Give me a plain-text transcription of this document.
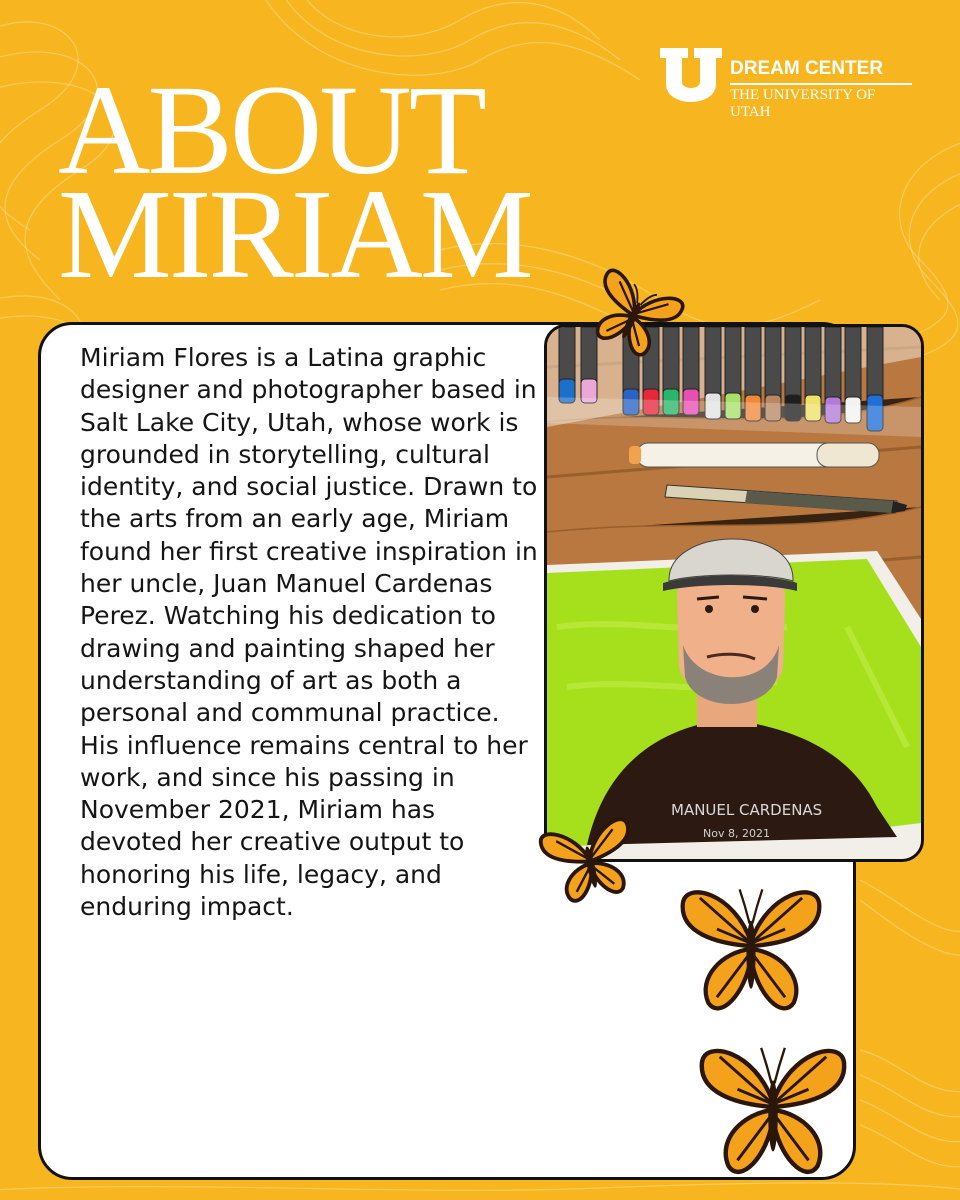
ABOUT
MIRIAM
DREAM CENTER
THE UNIVERSITY OF UTAH

Miriam Flores is a Latina graphic designer and photographer based in Salt Lake City, Utah, whose work is grounded in storytelling, cultural identity, and social justice. Drawn to the arts from an early age, Miriam found her first creative inspiration in her uncle, Juan Manuel Cardenas Perez. Watching his dedication to drawing and painting shaped her understanding of art as both a personal and communal practice. His influence remains central to her work, and since his passing in November 2021, Miriam has devoted her creative output to honoring his life, legacy, and enduring impact.

MANUEL CARDENAS
Nov 8, 2021
